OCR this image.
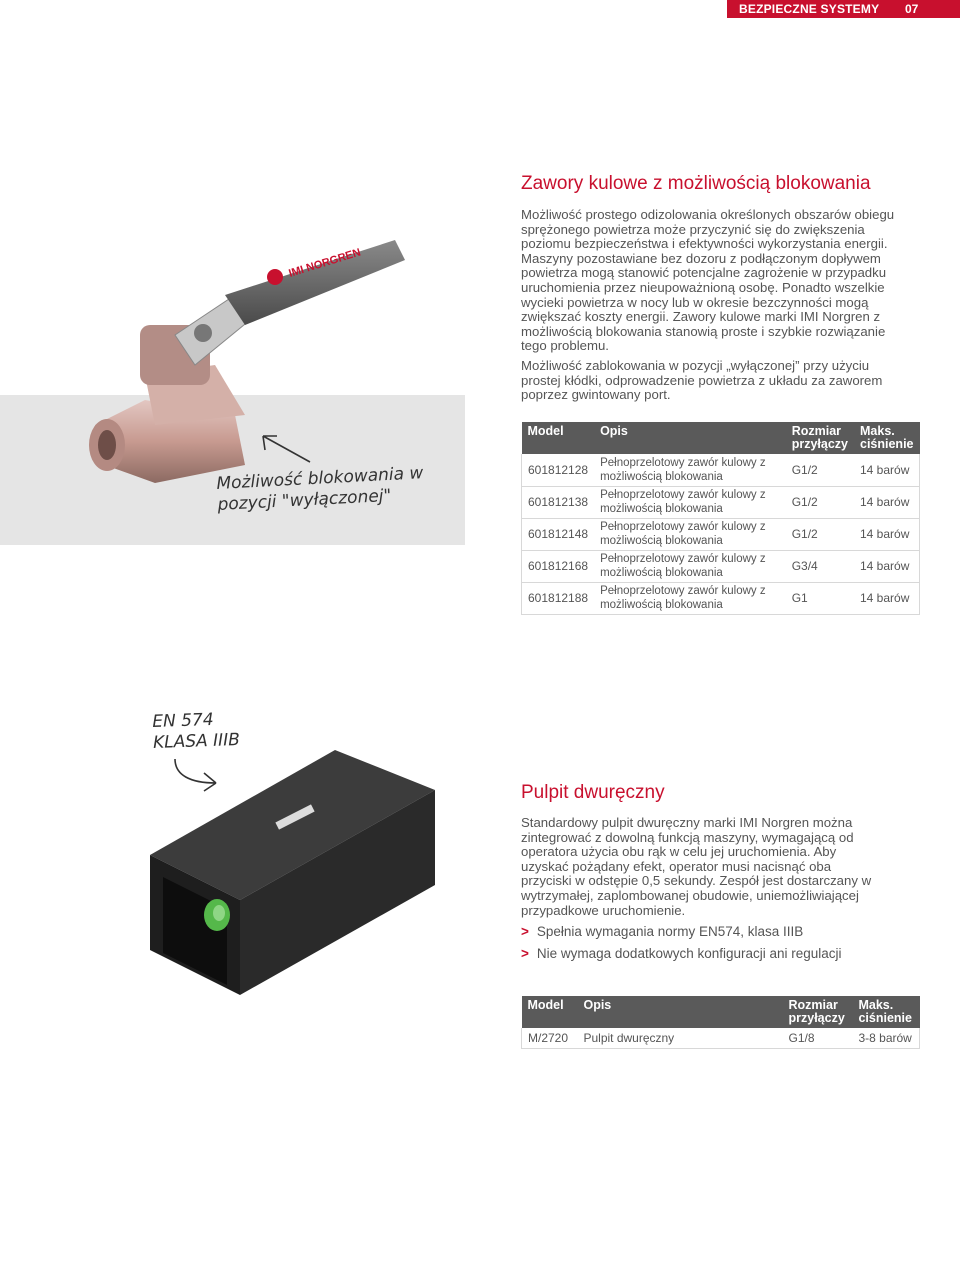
BEZPIECZNE SYSTEMY 07
IMI NORGREN
Możliwość blokowania w
pozycji "wyłączonej"
Zawory kulowe z możliwością blokowania

Możliwość prostego odizolowania określonych obszarów obiegu sprężonego powietrza może przyczynić się do zwiększenia poziomu bezpieczeństwa i efektywności wykorzystania energii. Maszyny pozostawiane bez dozoru z podłączonym dopływem powietrza mogą stanowić potencjalne zagrożenie w przypadku uruchomienia przez nieupoważnioną osobę. Ponadto wszelkie wycieki powietrza w nocy lub w okresie bezczynności mogą zwiększać koszty energii. Zawory kulowe marki IMI Norgren z możliwością blokowania stanowią proste i szybkie rozwiązanie tego problemu.

Możliwość zablokowania w pozycji „wyłączonej” przy użyciu prostej kłódki, odprowadzenie powietrza z układu za zaworem poprzez gwintowany port.

Model	Opis	Rozmiar przyłączy	Maks. ciśnienie
601812128	Pełnoprzelotowy zawór kulowy z możliwością blokowania	G1/2	14 barów
601812138	Pełnoprzelotowy zawór kulowy z możliwością blokowania	G1/2	14 barów
601812148	Pełnoprzelotowy zawór kulowy z możliwością blokowania	G1/2	14 barów
601812168	Pełnoprzelotowy zawór kulowy z możliwością blokowania	G3/4	14 barów
601812188	Pełnoprzelotowy zawór kulowy z możliwością blokowania	G1	14 barów
EN 574
KLASA IIIB
Pulpit dwuręczny

Standardowy pulpit dwuręczny marki IMI Norgren można zintegrować z dowolną funkcją maszyny, wymagającą od operatora użycia obu rąk w celu jej uruchomienia. Aby uzyskać pożądany efekt, operator musi nacisnąć oba przyciski w odstępie 0,5 sekundy. Zespół jest dostarczany w wytrzymałej, zaplombowanej obudowie, uniemożliwiającej przypadkowe uruchomienie.

> Spełnia wymagania normy EN574, klasa IIIB
> Nie wymaga dodatkowych konfiguracji ani regulacji
Model	Opis	Rozmiar przyłączy	Maks. ciśnienie
M/2720	Pulpit dwuręczny	G1/8	3-8 barów
